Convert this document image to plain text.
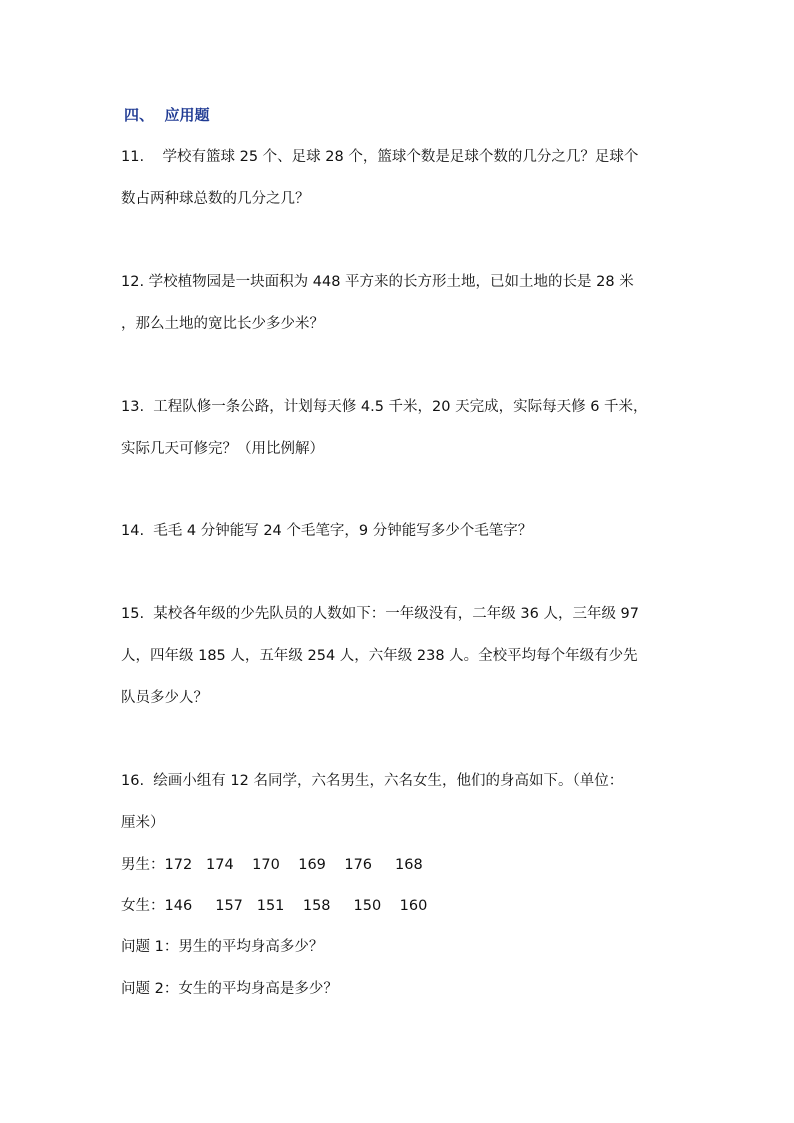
四、  应用题
11.    学校有篮球 25 个、足球 28 个，篮球个数是足球个数的几分之几？足球个
数占两种球总数的几分之几？
12. 学校植物园是一块面积为 448 平方来的长方形土地，已如土地的长是 28 米
，那么土地的宽比长少多少米？
13.  工程队修一条公路，计划每天修 4.5 千米，20 天完成，实际每天修 6 千米，
实际几天可修完？（用比例解）
14.  毛毛 4 分钟能写 24 个毛笔字，9 分钟能写多少个毛笔字？
15.  某校各年级的少先队员的人数如下：一年级没有，二年级 36 人，三年级 97
人，四年级 185 人，五年级 254 人，六年级 238 人。全校平均每个年级有少先
队员多少人？
16.  绘画小组有 12 名同学，六名男生，六名女生，他们的身高如下。（单位：
厘米）
男生：172   174    170    169    176     168
女生：146     157   151    158     150    160
问题 1：男生的平均身高多少？
问题 2：女生的平均身高是多少？
